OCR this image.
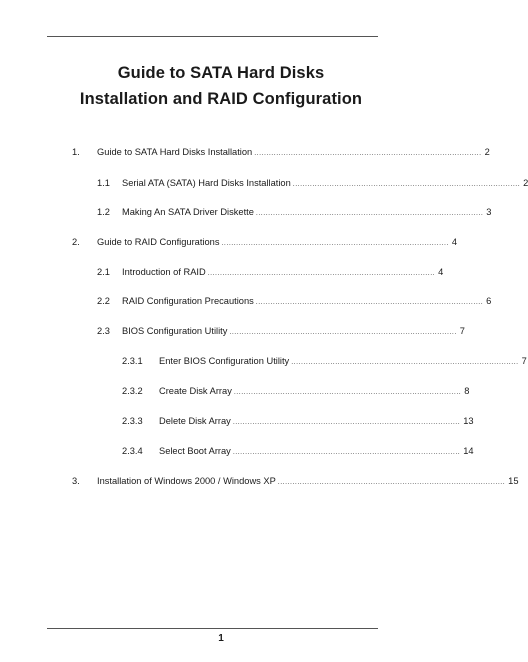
Guide to SATA Hard Disks
Installation and RAID Configuration
1. Guide to SATA Hard Disks Installation ............................................................................................. 2
1.1 Serial ATA (SATA) Hard Disks Installation ............................................................................................. 2
1.2 Making An SATA Driver Diskette ............................................................................................. 3
2. Guide to RAID Configurations ............................................................................................. 4
2.1 Introduction of RAID ............................................................................................. 4
2.2 RAID Configuration Precautions ............................................................................................. 6
2.3 BIOS Configuration Utility ............................................................................................. 7
2.3.1 Enter BIOS Configuration Utility ............................................................................................. 7
2.3.2 Create Disk Array ............................................................................................. 8
2.3.3 Delete Disk Array ............................................................................................. 13
2.3.4 Select Boot Array ............................................................................................. 14
3. Installation of Windows 2000 / Windows XP ............................................................................................. 15
1
